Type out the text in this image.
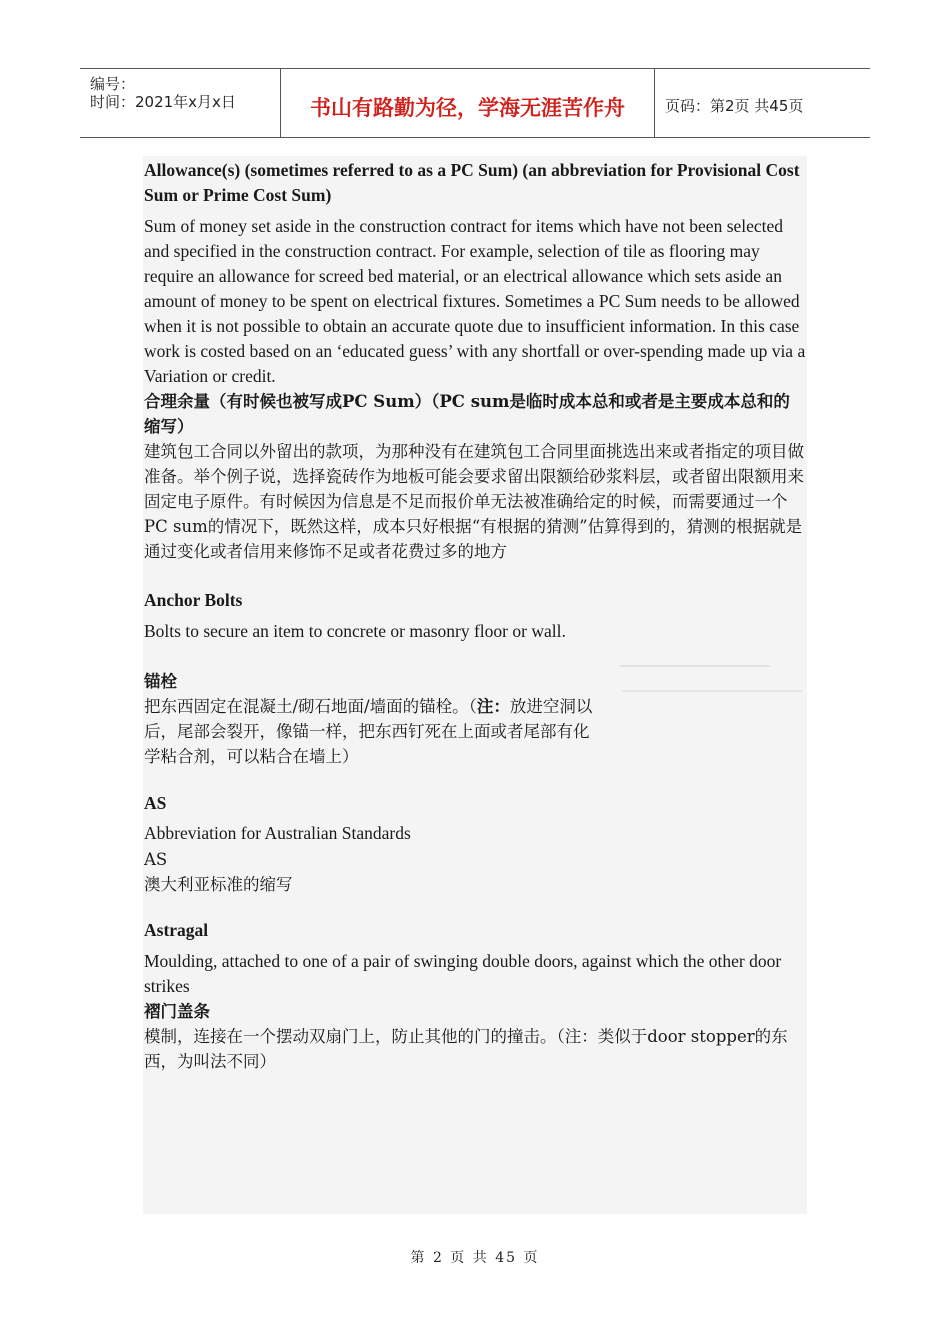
编号：
时间：2021年x月x日	书山有路勤为径，学海无涯苦作舟	页码：第2页 共45页
Allowance(s) (sometimes referred to as a PC Sum) (an abbreviation for Provisional Cost Sum or Prime Cost Sum)
Sum of money set aside in the construction contract for items which have not been selected and specified in the construction contract. For example, selection of tile as flooring may require an allowance for screed bed material, or an electrical allowance which sets aside an amount of money to be spent on electrical fixtures. Sometimes a PC Sum needs to be allowed when it is not possible to obtain an accurate quote due to insufficient information. In this case work is costed based on an ‘educated guess’ with any shortfall or over-spending made up via a Variation or credit.
合理余量（有时候也被写成PC Sum）（PC sum是临时成本总和或者是主要成本总和的缩写）
建筑包工合同以外留出的款项，为那种没有在建筑包工合同里面挑选出来或者指定的项目做准备。举个例子说，选择瓷砖作为地板可能会要求留出限额给砂浆料层，或者留出限额用来固定电子原件。有时候因为信息是不足而报价单无法被准确给定的时候，而需要通过一个PC sum的情况下，既然这样，成本只好根据“有根据的猜测”估算得到的，猜测的根据就是通过变化或者信用来修饰不足或者花费过多的地方
Anchor Bolts
Bolts to secure an item to concrete or masonry floor or wall.
锚栓
把东西固定在混凝土/砌石地面/墙面的锚栓。（注：放进空洞以后，尾部会裂开，像锚一样，把东西钉死在上面或者尾部有化学粘合剂，可以粘合在墙上）
AS
Abbreviation for Australian Standards
AS
澳大利亚标准的缩写
Astragal
Moulding, attached to one of a pair of swinging double doors, against which the other door strikes
褶门盖条
模制，连接在一个摆动双扇门上，防止其他的门的撞击。（注：类似于door stopper的东西，为叫法不同）
第 2 页 共 45 页
